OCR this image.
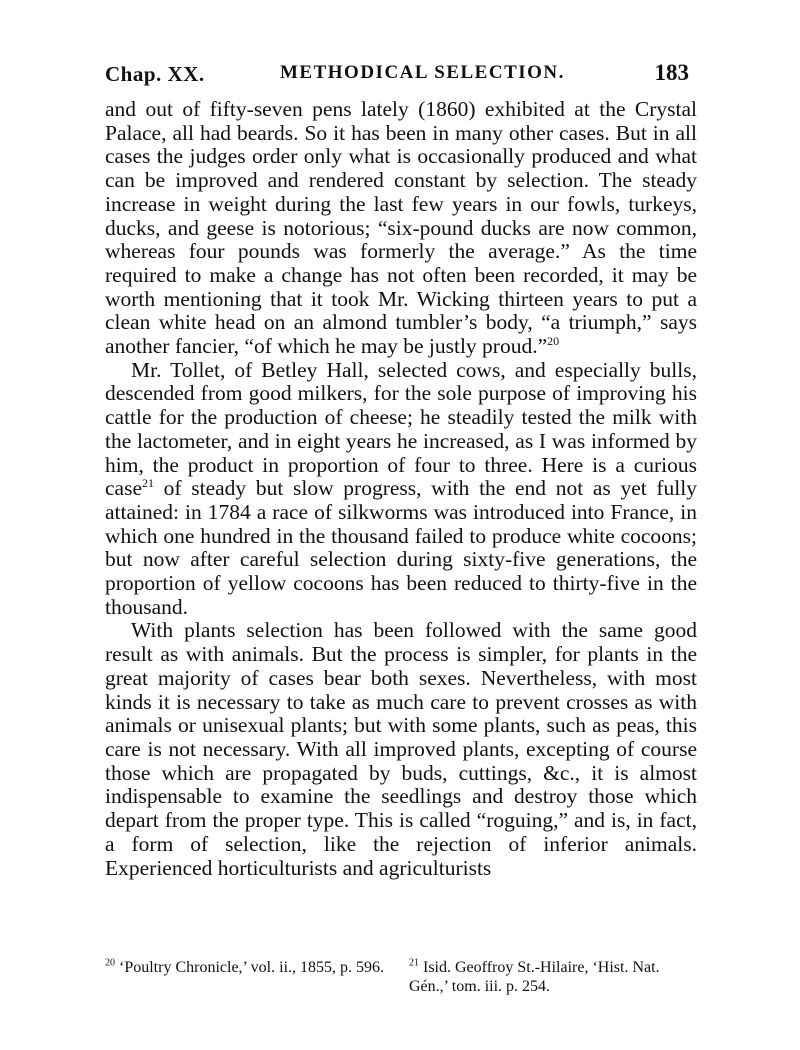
Chap. XX.	METHODICAL SELECTION.	183

and out of fifty-seven pens lately (1860) exhibited at the Crystal Palace, all had beards. So it has been in many other cases. But in all cases the judges order only what is occasionally produced and what can be improved and rendered constant by selection. The steady increase in weight during the last few years in our fowls, turkeys, ducks, and geese is notorious; “six-pound ducks are now common, whereas four pounds was formerly the average.” As the time required to make a change has not often been recorded, it may be worth mentioning that it took Mr. Wicking thirteen years to put a clean white head on an almond tumbler’s body, “a triumph,” says another fancier, “of which he may be justly proud.”$^{20}$

Mr. Tollet, of Betley Hall, selected cows, and especially bulls, descended from good milkers, for the sole purpose of improving his cattle for the production of cheese; he steadily tested the milk with the lactometer, and in eight years he increased, as I was informed by him, the product in proportion of four to three. Here is a curious case$^{21}$ of steady but slow progress, with the end not as yet fully attained: in 1784 a race of silkworms was introduced into France, in which one hundred in the thousand failed to produce white cocoons; but now after careful selection during sixty-five generations, the proportion of yellow cocoons has been reduced to thirty-five in the thousand.

With plants selection has been followed with the same good result as with animals. But the process is simpler, for plants in the great majority of cases bear both sexes. Nevertheless, with most kinds it is necessary to take as much care to prevent crosses as with animals or unisexual plants; but with some plants, such as peas, this care is not necessary. With all improved plants, excepting of course those which are propagated by buds, cuttings, &c., it is almost indispensable to examine the seedlings and destroy those which depart from the proper type. This is called “roguing,” and is, in fact, a form of selection, like the rejection of inferior animals. Experienced horticulturists and agriculturists

$^{20}$ ‘Poultry Chronicle,’ vol. ii., 1855, p. 596.	$^{21}$ Isid. Geoffroy St.-Hilaire, ‘Hist. Nat. Gén.,’ tom. iii. p. 254.
